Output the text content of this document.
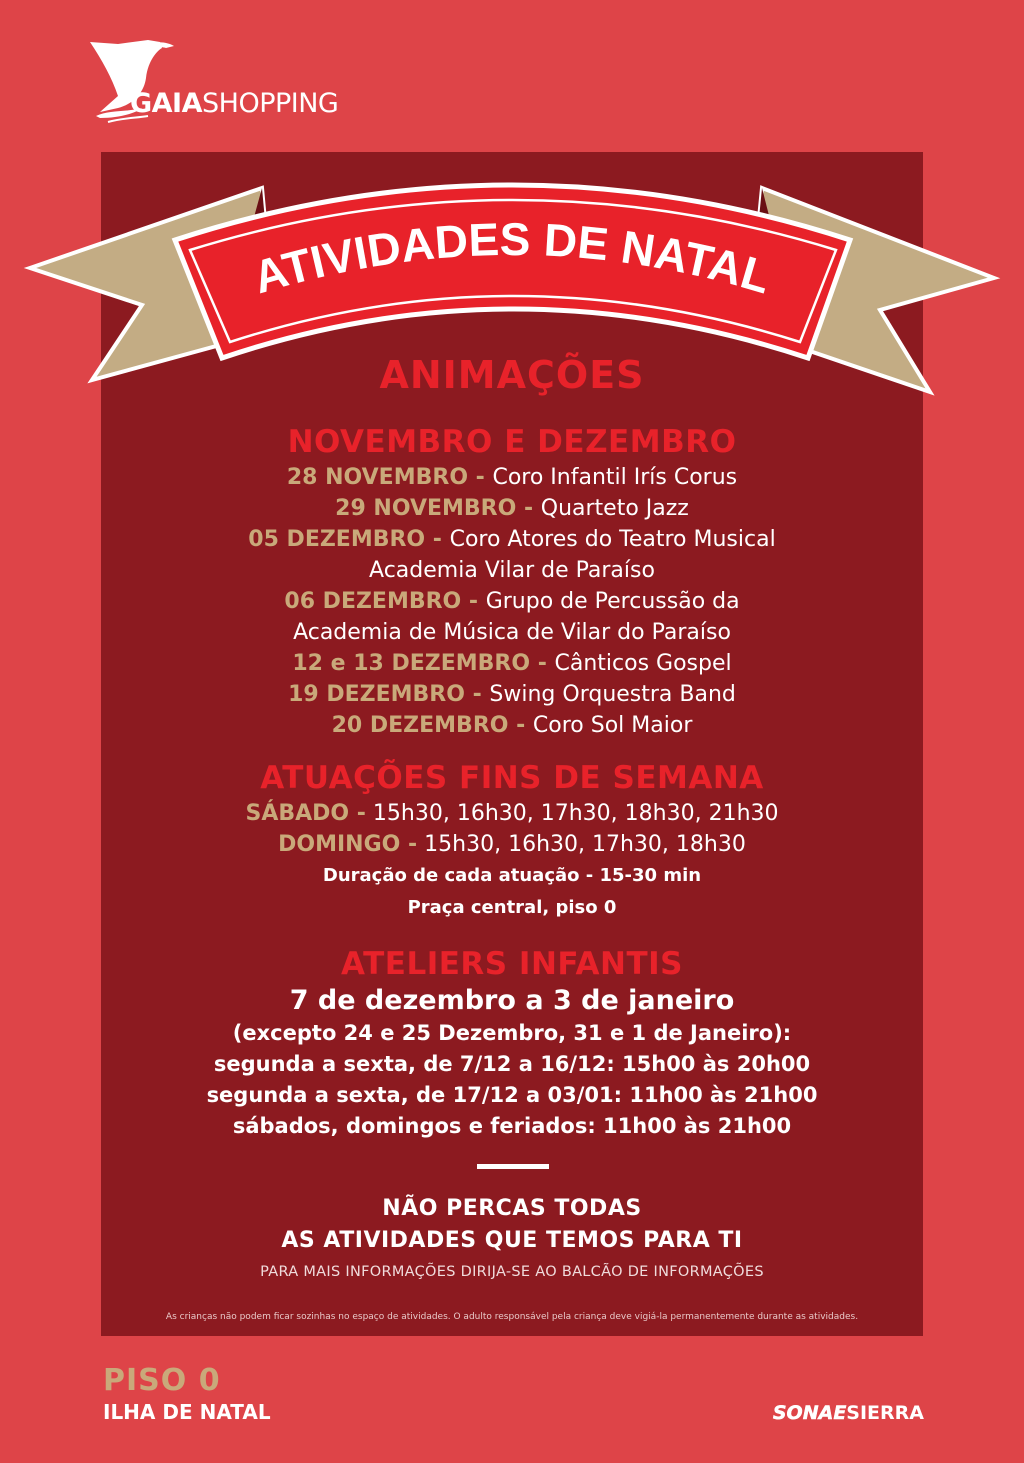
GAIASHOPPING
ATIVIDADES DE NATAL
ANIMAÇÕES
NOVEMBRO E DEZEMBRO
28 NOVEMBRO - Coro Infantil Irís Corus
29 NOVEMBRO - Quarteto Jazz
05 DEZEMBRO - Coro Atores do Teatro Musical
Academia Vilar de Paraíso
06 DEZEMBRO - Grupo de Percussão da
Academia de Música de Vilar do Paraíso
12 e 13 DEZEMBRO - Cânticos Gospel
19 DEZEMBRO - Swing Orquestra Band
20 DEZEMBRO - Coro Sol Maior
ATUAÇÕES FINS DE SEMANA
SÁBADO - 15h30, 16h30, 17h30, 18h30, 21h30
DOMINGO - 15h30, 16h30, 17h30, 18h30
Duração de cada atuação - 15-30 min
Praça central, piso 0
ATELIERS INFANTIS
7 de dezembro a 3 de janeiro
(excepto 24 e 25 Dezembro, 31 e 1 de Janeiro):
segunda a sexta, de 7/12 a 16/12: 15h00 às 20h00
segunda a sexta, de 17/12 a 03/01: 11h00 às 21h00
sábados, domingos e feriados: 11h00 às 21h00
NÃO PERCAS TODAS
AS ATIVIDADES QUE TEMOS PARA TI
PARA MAIS INFORMAÇÕES DIRIJA-SE AO BALCÃO DE INFORMAÇÕES
As crianças não podem ficar sozinhas no espaço de atividades. O adulto responsável pela criança deve vigiá-la permanentemente durante as atividades.
PISO 0
ILHA DE NATAL	SONAESIERRA
